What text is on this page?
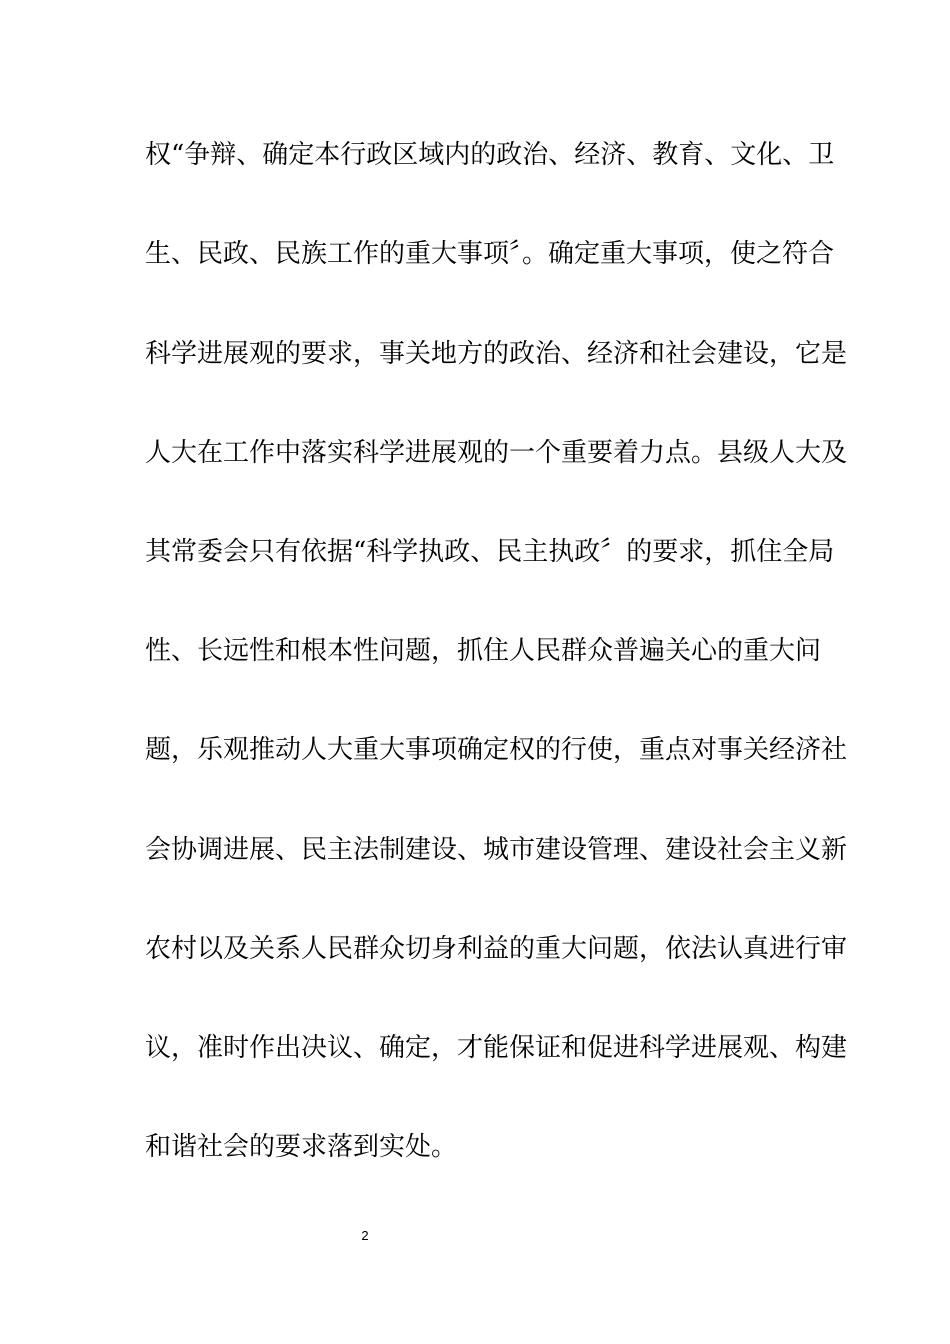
权“争辩、确定本行政区域内的政治、经济、教育、文化、卫
生、民政、民族工作的重大事项〞。确定重大事项，使之符合
科学进展观的要求，事关地方的政治、经济和社会建设，它是
人大在工作中落实科学进展观的一个重要着力点。县级人大及
其常委会只有依据“科学执政、民主执政〞的要求，抓住全局
性、长远性和根本性问题，抓住人民群众普遍关心的重大问
题，乐观推动人大重大事项确定权的行使，重点对事关经济社
会协调进展、民主法制建设、城市建设管理、建设社会主义新
农村以及关系人民群众切身利益的重大问题，依法认真进行审
议，准时作出决议、确定，才能保证和促进科学进展观、构建
和谐社会的要求落到实处。
2
